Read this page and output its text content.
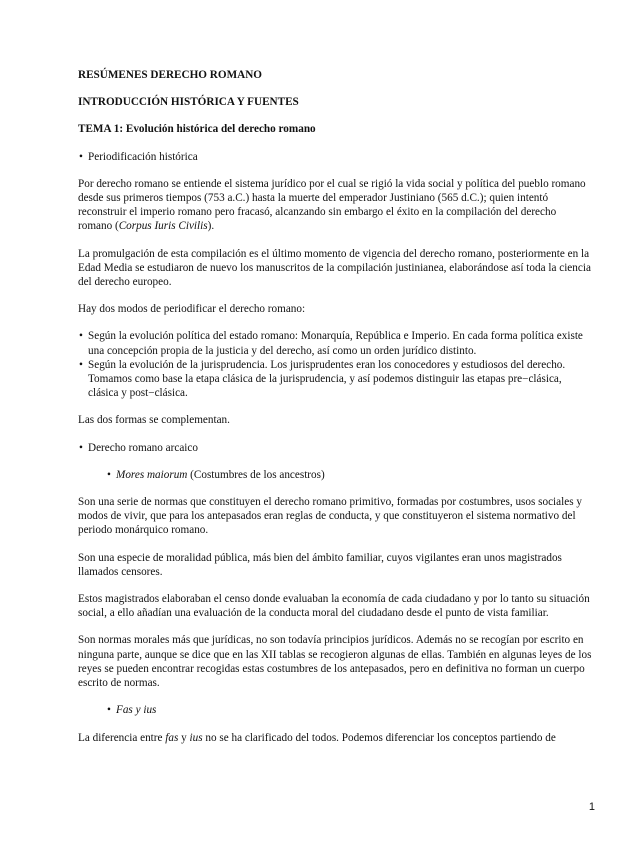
RESÚMENES DERECHO ROMANO
INTRODUCCIÓN HISTÓRICA Y FUENTES
TEMA 1: Evolución histórica del derecho romano
• Periodificación histórica

Por derecho romano se entiende el sistema jurídico por el cual se rigió la vida social y política del pueblo romano desde sus primeros tiempos (753 a.C.) hasta la muerte del emperador Justiniano (565 d.C.); quien intentó reconstruir el imperio romano pero fracasó, alcanzando sin embargo el éxito en la compilación del derecho romano (Corpus Iuris Civilis).

La promulgación de esta compilación es el último momento de vigencia del derecho romano, posteriormente en la Edad Media se estudiaron de nuevo los manuscritos de la compilación justinianea, elaborándose así toda la ciencia del derecho europeo.

Hay dos modos de periodificar el derecho romano:

• Según la evolución política del estado romano: Monarquía, República e Imperio. En cada forma política existe una concepción propia de la justicia y del derecho, así como un orden jurídico distinto.
• Según la evolución de la jurisprudencia. Los jurisprudentes eran los conocedores y estudiosos del derecho. Tomamos como base la etapa clásica de la jurisprudencia, y así podemos distinguir las etapas pre−clásica, clásica y post−clásica.

Las dos formas se complementan.

• Derecho romano arcaico
• Mores maiorum (Costumbres de los ancestros)

Son una serie de normas que constituyen el derecho romano primitivo, formadas por costumbres, usos sociales y modos de vivir, que para los antepasados eran reglas de conducta, y que constituyeron el sistema normativo del periodo monárquico romano.

Son una especie de moralidad pública, más bien del ámbito familiar, cuyos vigilantes eran unos magistrados llamados censores.

Estos magistrados elaboraban el censo donde evaluaban la economía de cada ciudadano y por lo tanto su situación social, a ello añadían una evaluación de la conducta moral del ciudadano desde el punto de vista familiar.

Son normas morales más que jurídicas, no son todavía principios jurídicos. Además no se recogían por escrito en ninguna parte, aunque se dice que en las XII tablas se recogieron algunas de ellas. También en algunas leyes de los reyes se pueden encontrar recogidas estas costumbres de los antepasados, pero en definitiva no forman un cuerpo escrito de normas.

• Fas y ius

La diferencia entre fas y ius no se ha clarificado del todos. Podemos diferenciar los conceptos partiendo de

1
